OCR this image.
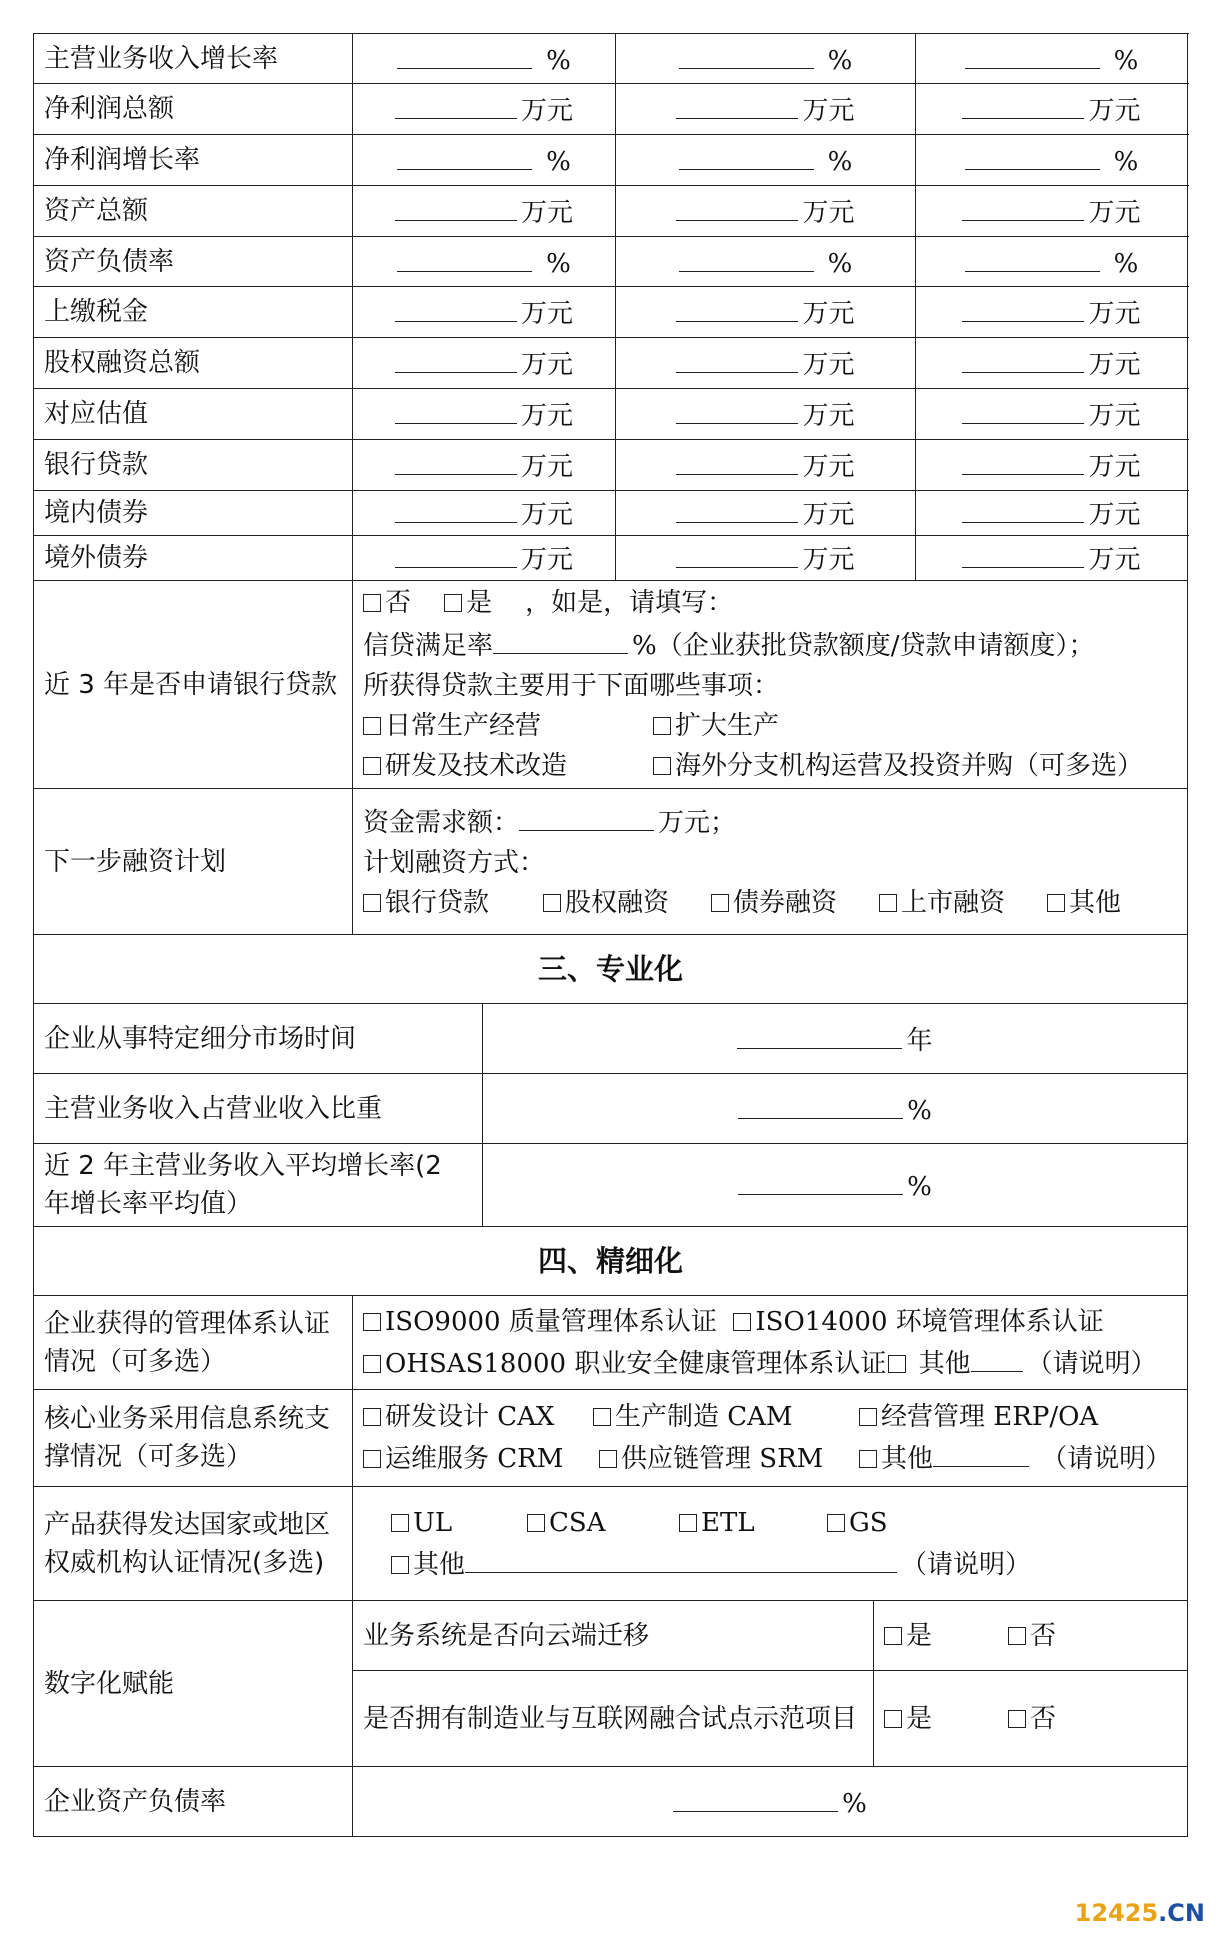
主营业务收入增长率	%		%		%
净利润总额	万元		万元		万元
净利润增长率	%		%		%
资产总额	万元		万元		万元
资产负债率	%		%		%
上缴税金	万元		万元		万元
股权融资总额	万元		万元		万元
对应估值	万元		万元		万元
银行贷款	万元		万元		万元
境内债券	万元		万元		万元
境外债券	万元		万元		万元
近 3 年是否申请银行贷款	否 是 ，如是，请填写：
信贷满足率 %（企业获批贷款额度/贷款申请额度）；
所获得贷款主要用于下面哪些事项：
日常生产经营 扩大生产
研发及技术改造 海外分支机构运营及投资并购（可多选）				

下一步融资计划	资金需求额： 万元；
计划融资方式：
银行贷款 股权融资 债券融资 上市融资 其他				

三、专业化					
企业从事特定细分市场时间		年			
主营业务收入占营业收入比重		%			
近 2 年主营业务收入平均增长率(2 年增长率平均值）		%			
四、精细化					
企业获得的管理体系认证情况（可多选）	ISO9000 质量管理体系认证 ISO14000 环境管理体系认证
OHSAS18000 职业安全健康管理体系认证 其他 （请说明）				

核心业务采用信息系统支撑情况（可多选）	研发设计 CAX 生产制造 CAM 经营管理 ERP/OA
运维服务 CRM 供应链管理 SRM 其他 （请说明）				

产品获得发达国家或地区权威机构认证情况(多选)	UL CSA ETL GS
其他 （请说明）				

数字化赋能	业务系统是否向云端迁移			是 否	
	是否拥有制造业与互联网融合试点示范项目			是 否	
企业资产负债率	%				
12425.CN
